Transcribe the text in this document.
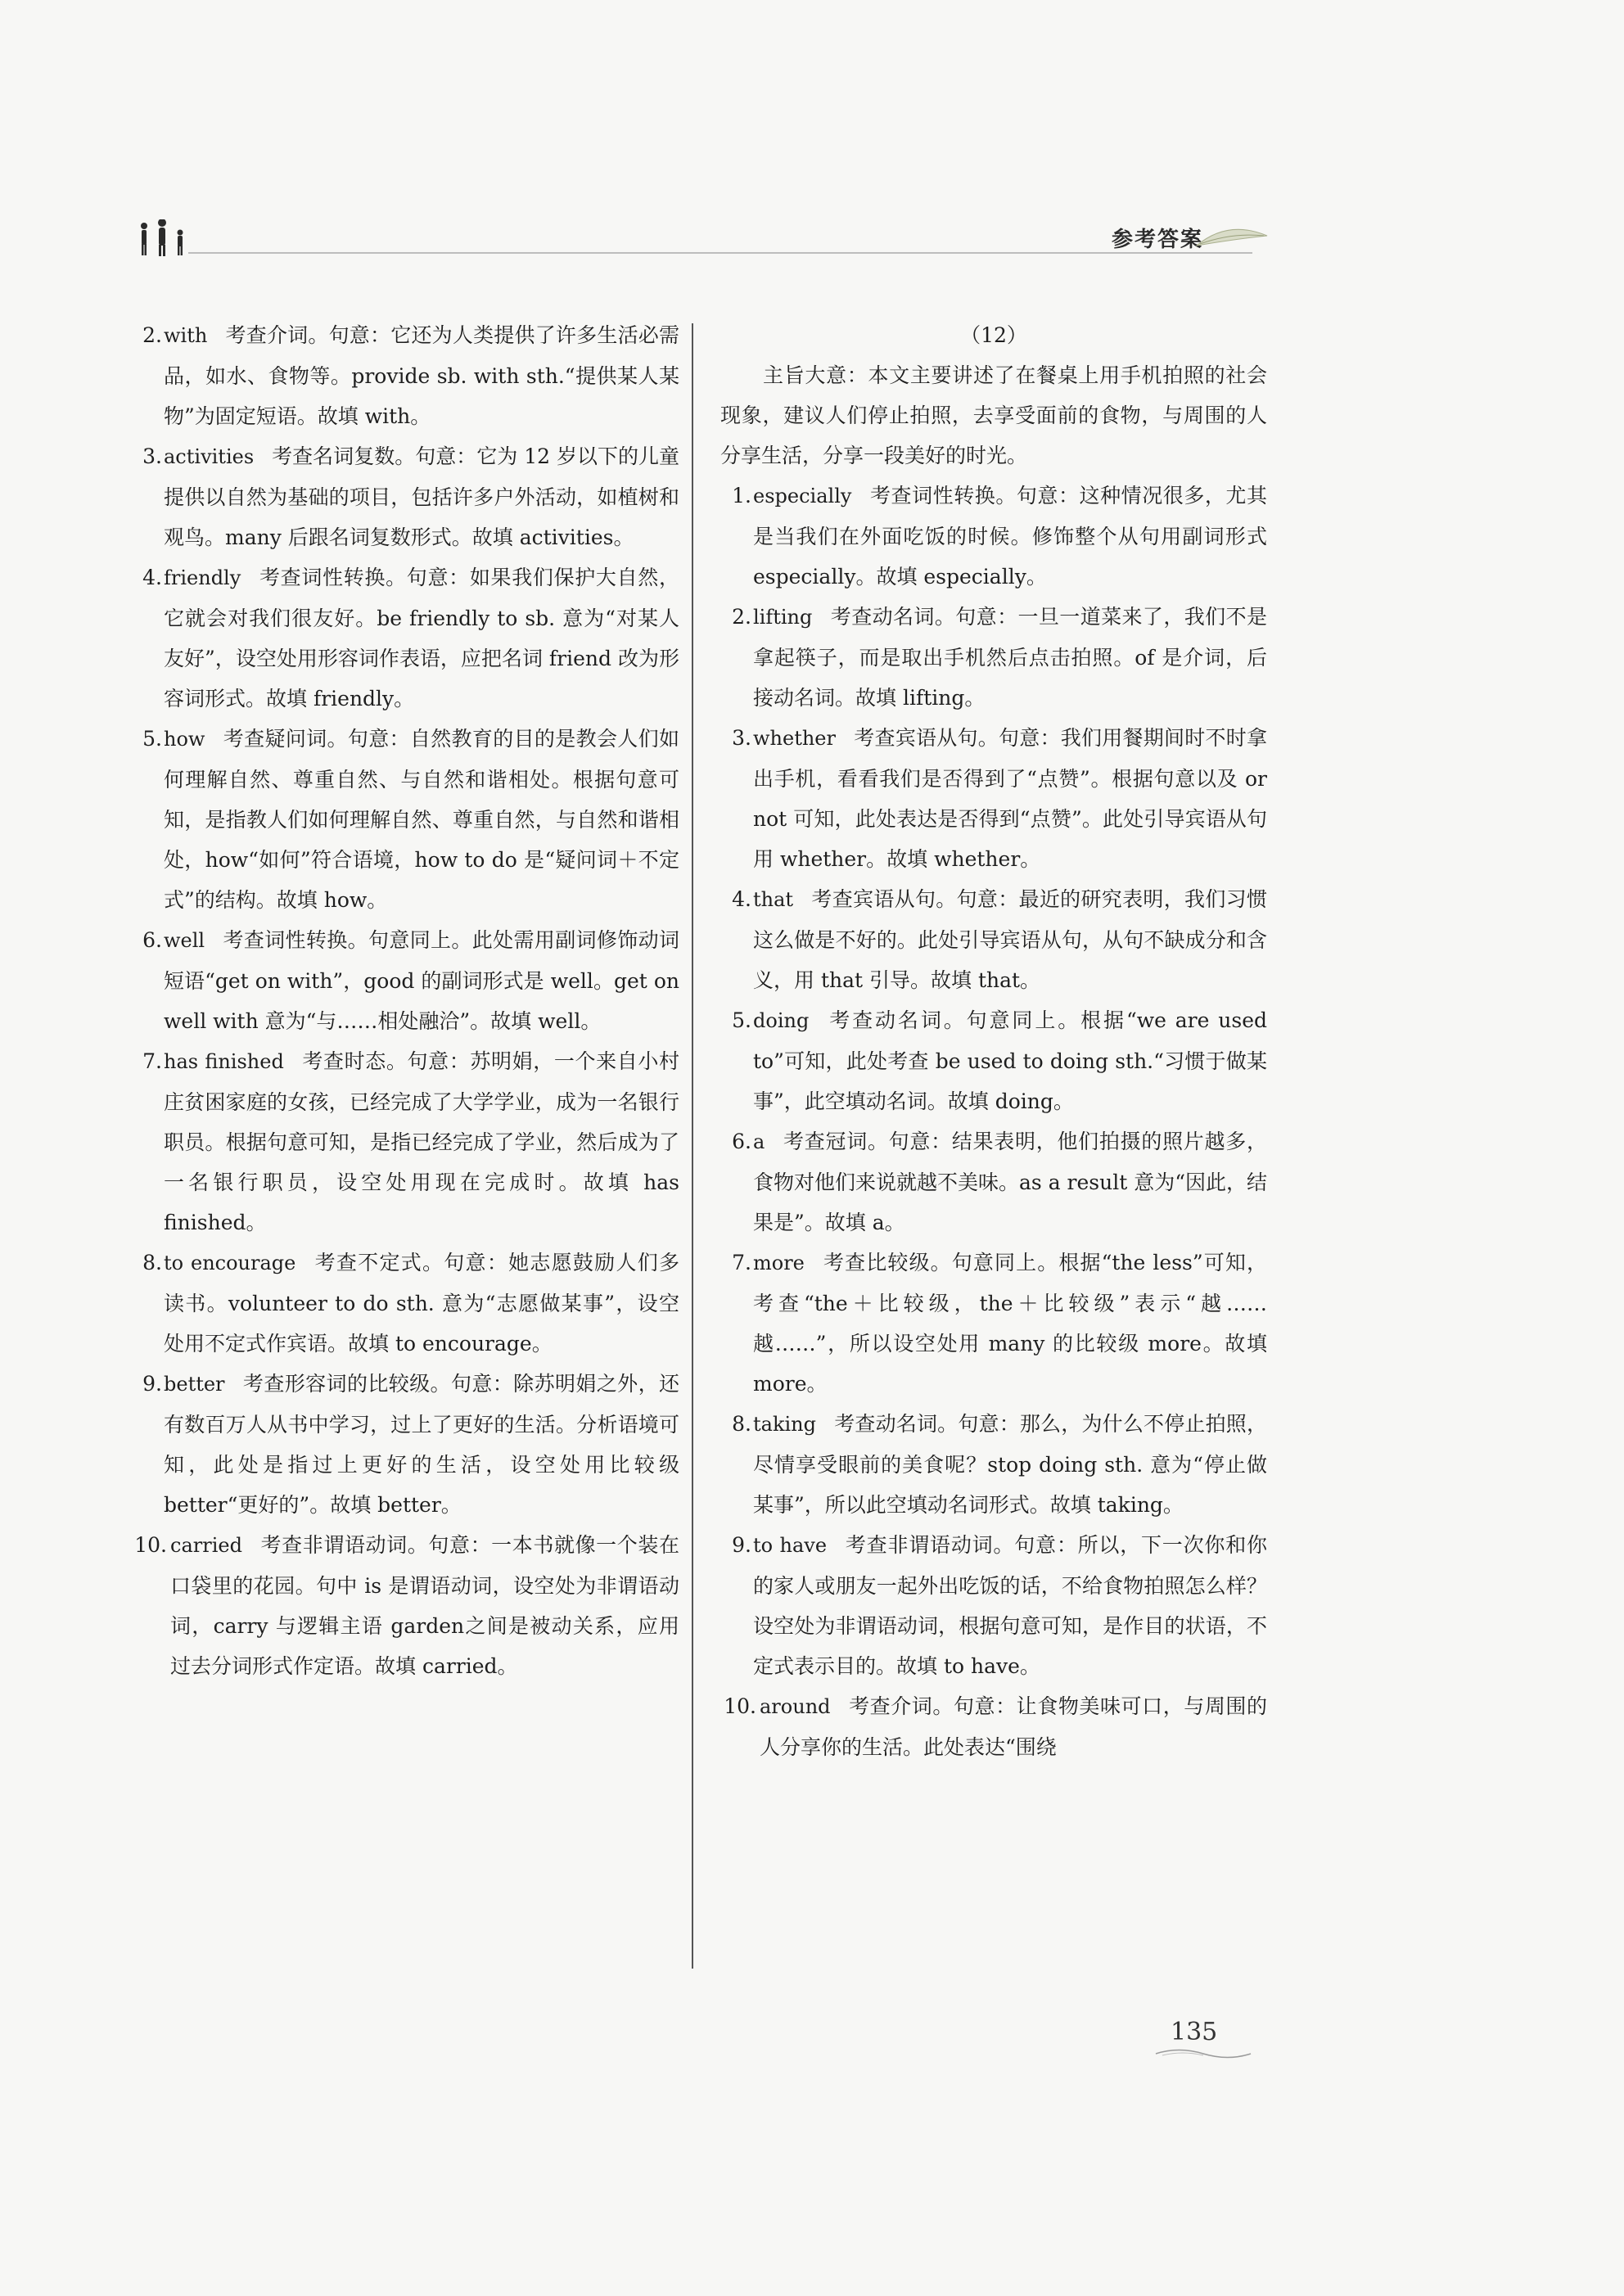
参考答案
2. with 考查介词。句意：它还为人类提供了许多生活必需品，如水、食物等。provide sb. with sth.“提供某人某物”为固定短语。故填 with。
3. activities 考查名词复数。句意：它为 12 岁以下的儿童提供以自然为基础的项目，包括许多户外活动，如植树和观鸟。many 后跟名词复数形式。故填 activities。
4. friendly 考查词性转换。句意：如果我们保护大自然，它就会对我们很友好。be friendly to sb. 意为“对某人友好”，设空处用形容词作表语，应把名词 friend 改为形容词形式。故填 friendly。
5. how 考查疑问词。句意：自然教育的目的是教会人们如何理解自然、尊重自然、与自然和谐相处。根据句意可知，是指教人们如何理解自然、尊重自然，与自然和谐相处，how“如何”符合语境，how to do 是“疑问词＋不定式”的结构。故填 how。
6. well 考查词性转换。句意同上。此处需用副词修饰动词短语“get on with”，good 的副词形式是 well。get on well with 意为“与……相处融洽”。故填 well。
7. has finished 考查时态。句意：苏明娟，一个来自小村庄贫困家庭的女孩，已经完成了大学学业，成为一名银行职员。根据句意可知，是指已经完成了学业，然后成为了一名银行职员，设空处用现在完成时。故填 has finished。
8. to encourage 考查不定式。句意：她志愿鼓励人们多读书。volunteer to do sth. 意为“志愿做某事”，设空处用不定式作宾语。故填 to encourage。
9. better 考查形容词的比较级。句意：除苏明娟之外，还有数百万人从书中学习，过上了更好的生活。分析语境可知，此处是指过上更好的生活，设空处用比较级 better“更好的”。故填 better。
10. carried 考查非谓语动词。句意：一本书就像一个装在口袋里的花园。句中 is 是谓语动词，设空处为非谓语动词，carry 与逻辑主语 garden之间是被动关系，应用过去分词形式作定语。故填 carried。
（12）
主旨大意：本文主要讲述了在餐桌上用手机拍照的社会现象，建议人们停止拍照，去享受面前的食物，与周围的人分享生活，分享一段美好的时光。
1. especially 考查词性转换。句意：这种情况很多，尤其是当我们在外面吃饭的时候。修饰整个从句用副词形式 especially。故填 especially。
2. lifting 考查动名词。句意：一旦一道菜来了，我们不是拿起筷子，而是取出手机然后点击拍照。of 是介词，后接动名词。故填 lifting。
3. whether 考查宾语从句。句意：我们用餐期间时不时拿出手机，看看我们是否得到了“点赞”。根据句意以及 or not 可知，此处表达是否得到“点赞”。此处引导宾语从句用 whether。故填 whether。
4. that 考查宾语从句。句意：最近的研究表明，我们习惯这么做是不好的。此处引导宾语从句，从句不缺成分和含义，用 that 引导。故填 that。
5. doing 考查动名词。句意同上。根据“we are used to”可知，此处考查 be used to doing sth.“习惯于做某事”，此空填动名词。故填 doing。
6. a 考查冠词。句意：结果表明，他们拍摄的照片越多，食物对他们来说就越不美味。as a result 意为“因此，结果是”。故填 a。
7. more 考查比较级。句意同上。根据“the less”可知，考查“the＋比较级，the＋比较级”表示“越……越……”，所以设空处用 many 的比较级 more。故填 more。
8. taking 考查动名词。句意：那么，为什么不停止拍照，尽情享受眼前的美食呢？stop doing sth. 意为“停止做某事”，所以此空填动名词形式。故填 taking。
9. to have 考查非谓语动词。句意：所以，下一次你和你的家人或朋友一起外出吃饭的话，不给食物拍照怎么样？设空处为非谓语动词，根据句意可知，是作目的状语，不定式表示目的。故填 to have。
10. around 考查介词。句意：让食物美味可口，与周围的人分享你的生活。此处表达“围绕
135
